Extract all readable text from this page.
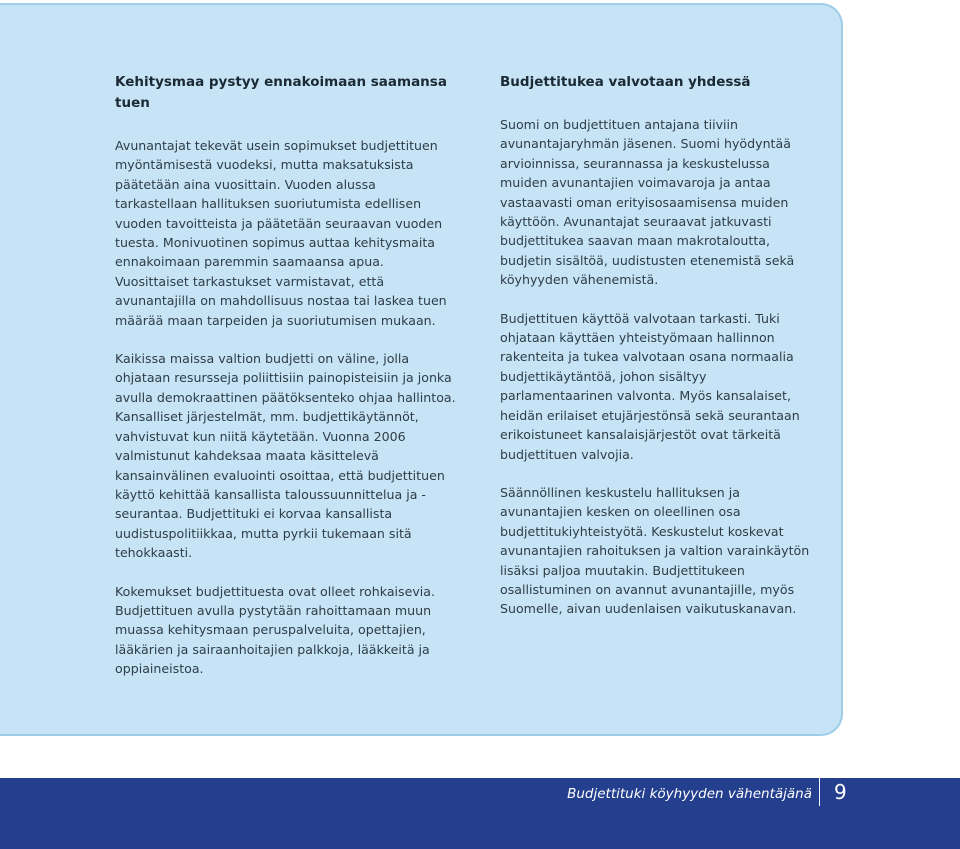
Kehitysmaa pystyy ennakoimaan saamansa tuen

Avunantajat tekevät usein sopimukset budjettituen myöntämisestä vuodeksi, mutta maksatuksista päätetään aina vuosittain. Vuoden alussa tarkastellaan hallituksen suoriutumista edellisen vuoden tavoitteista ja päätetään seuraavan vuoden tuesta. Monivuotinen sopimus auttaa kehitysmaita ennakoimaan paremmin saamaansa apua. Vuosittaiset tarkastukset varmistavat, että avunantajilla on mahdollisuus nostaa tai laskea tuen määrää maan tarpeiden ja suoriutumisen mukaan.

Kaikissa maissa valtion budjetti on väline, jolla ohjataan resursseja poliittisiin painopisteisiin ja jonka avulla demokraattinen päätöksenteko ohjaa hallintoa. Kansalliset järjestelmät, mm. budjettikäytännöt, vahvistuvat kun niitä käytetään. Vuonna 2006 valmistunut kahdeksaa maata käsittelevä kansainvälinen evaluointi osoittaa, että budjettituen käyttö kehittää kansallista taloussuunnittelua ja -seurantaa. Budjettituki ei korvaa kansallista uudistuspolitiikkaa, mutta pyrkii tukemaan sitä tehokkaasti.

Kokemukset budjettituesta ovat olleet rohkaisevia. Budjettituen avulla pystytään rahoittamaan muun muassa kehitysmaan peruspalveluita, opettajien, lääkärien ja sairaanhoitajien palkkoja, lääkkeitä ja oppiaineistoa.

Budjettitukea valvotaan yhdessä

Suomi on budjettituen antajana tiiviin avunantajaryhmän jäsenen. Suomi hyödyntää arvioinnissa, seurannassa ja keskustelussa muiden avunantajien voimavaroja ja antaa vastaavasti oman erityisosaamisensa muiden käyttöön. Avunantajat seuraavat jatkuvasti budjettitukea saavan maan makrotaloutta, budjetin sisältöä, uudistusten etenemistä sekä köyhyyden vähenemistä.

Budjettituen käyttöä valvotaan tarkasti. Tuki ohjataan käyttäen yhteistyömaan hallinnon rakenteita ja tukea valvotaan osana normaalia budjettikäytäntöä, johon sisältyy parlamentaarinen valvonta. Myös kansalaiset, heidän erilaiset etujärjestönsä sekä seurantaan erikoistuneet kansalaisjärjestöt ovat tärkeitä budjettituen valvojia.

Säännöllinen keskustelu hallituksen ja avunantajien kesken on oleellinen osa budjettitukiyhteistyötä. Keskustelut koskevat avunantajien rahoituksen ja valtion varainkäytön lisäksi paljoa muutakin. Budjettitukeen osallistuminen on avannut avunantajille, myös Suomelle, aivan uudenlaisen vaikutuskanavan.

Budjettituki köyhyyden vähentäjänä 9
